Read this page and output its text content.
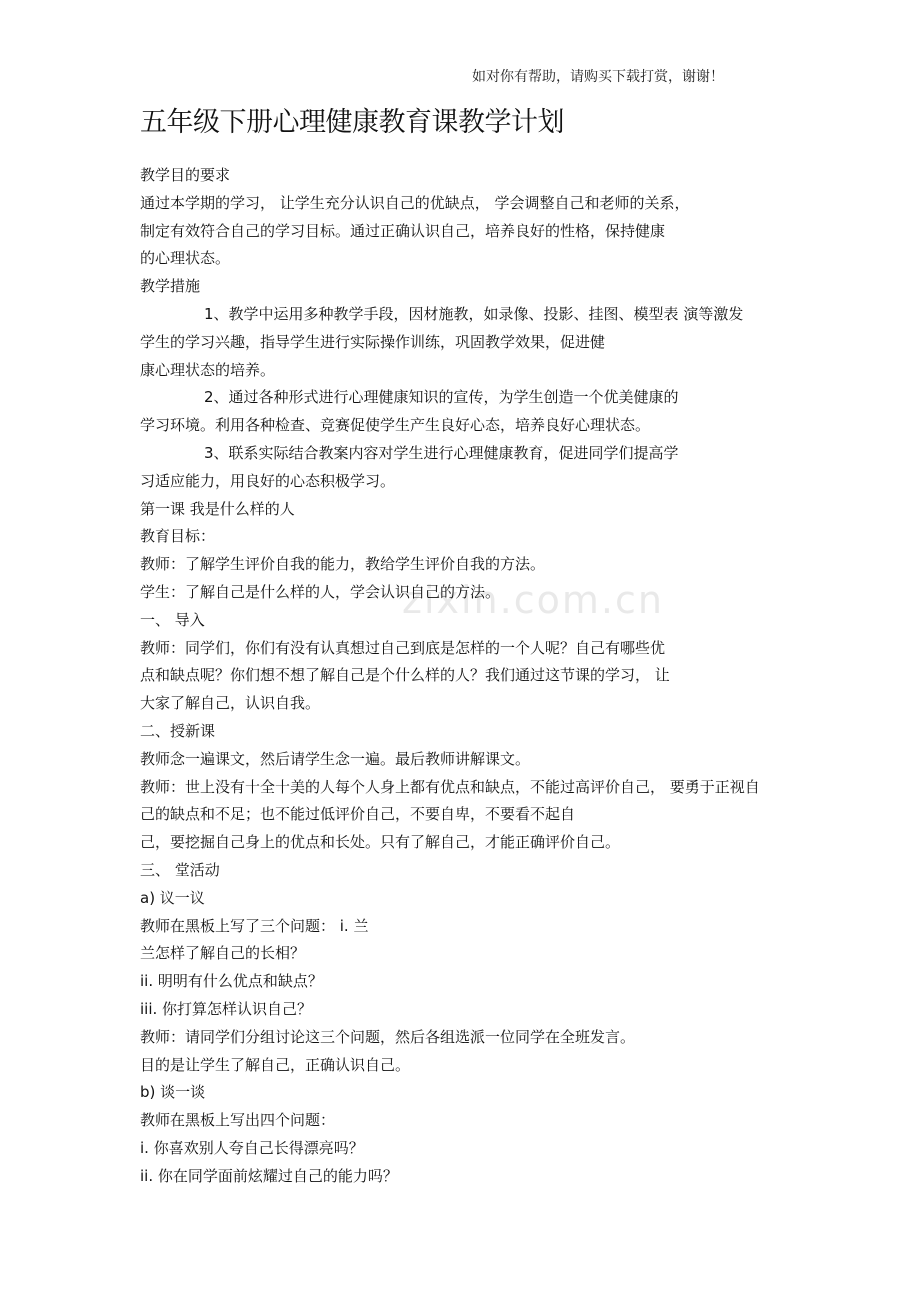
如对你有帮助，请购买下载打赏，谢谢！
五年级下册心理健康教育课教学计划
zixin.com.cn
教学目的要求
通过本学期的学习， 让学生充分认识自己的优缺点， 学会调整自己和老师的关系，
制定有效符合自己的学习目标。通过正确认识自己，培养良好的性格，保持健康
的心理状态。
教学措施
1、教学中运用多种教学手段，因材施教，如录像、投影、挂图、模型表 演等激发
学生的学习兴趣，指导学生进行实际操作训练，巩固教学效果，促进健
康心理状态的培养。
2、通过各种形式进行心理健康知识的宣传，为学生创造一个优美健康的
学习环境。利用各种检查、竞赛促使学生产生良好心态，培养良好心理状态。
3、联系实际结合教案内容对学生进行心理健康教育，促进同学们提高学
习适应能力，用良好的心态积极学习。
第一课 我是什么样的人
教育目标：
教师：了解学生评价自我的能力，教给学生评价自我的方法。
学生：了解自己是什么样的人，学会认识自己的方法。
一、 导入
教师：同学们，你们有没有认真想过自己到底是怎样的一个人呢？自己有哪些优
点和缺点呢？你们想不想了解自己是个什么样的人？我们通过这节课的学习， 让
大家了解自己，认识自我。
二、授新课
教师念一遍课文，然后请学生念一遍。最后教师讲解课文。
教师：世上没有十全十美的人每个人身上都有优点和缺点，不能过高评价自己， 要勇于正视自
己的缺点和不足；也不能过低评价自己，不要自卑，不要看不起自
己，要挖掘自己身上的优点和长处。只有了解自己，才能正确评价自己。
三、 堂活动
a) 议一议
教师在黑板上写了三个问题： i. 兰
兰怎样了解自己的长相？
ii. 明明有什么优点和缺点？
iii. 你打算怎样认识自己？
教师：请同学们分组讨论这三个问题，然后各组选派一位同学在全班发言。
目的是让学生了解自己，正确认识自己。
b) 谈一谈
教师在黑板上写出四个问题：
i. 你喜欢别人夸自己长得漂亮吗？
ii. 你在同学面前炫耀过自己的能力吗？
